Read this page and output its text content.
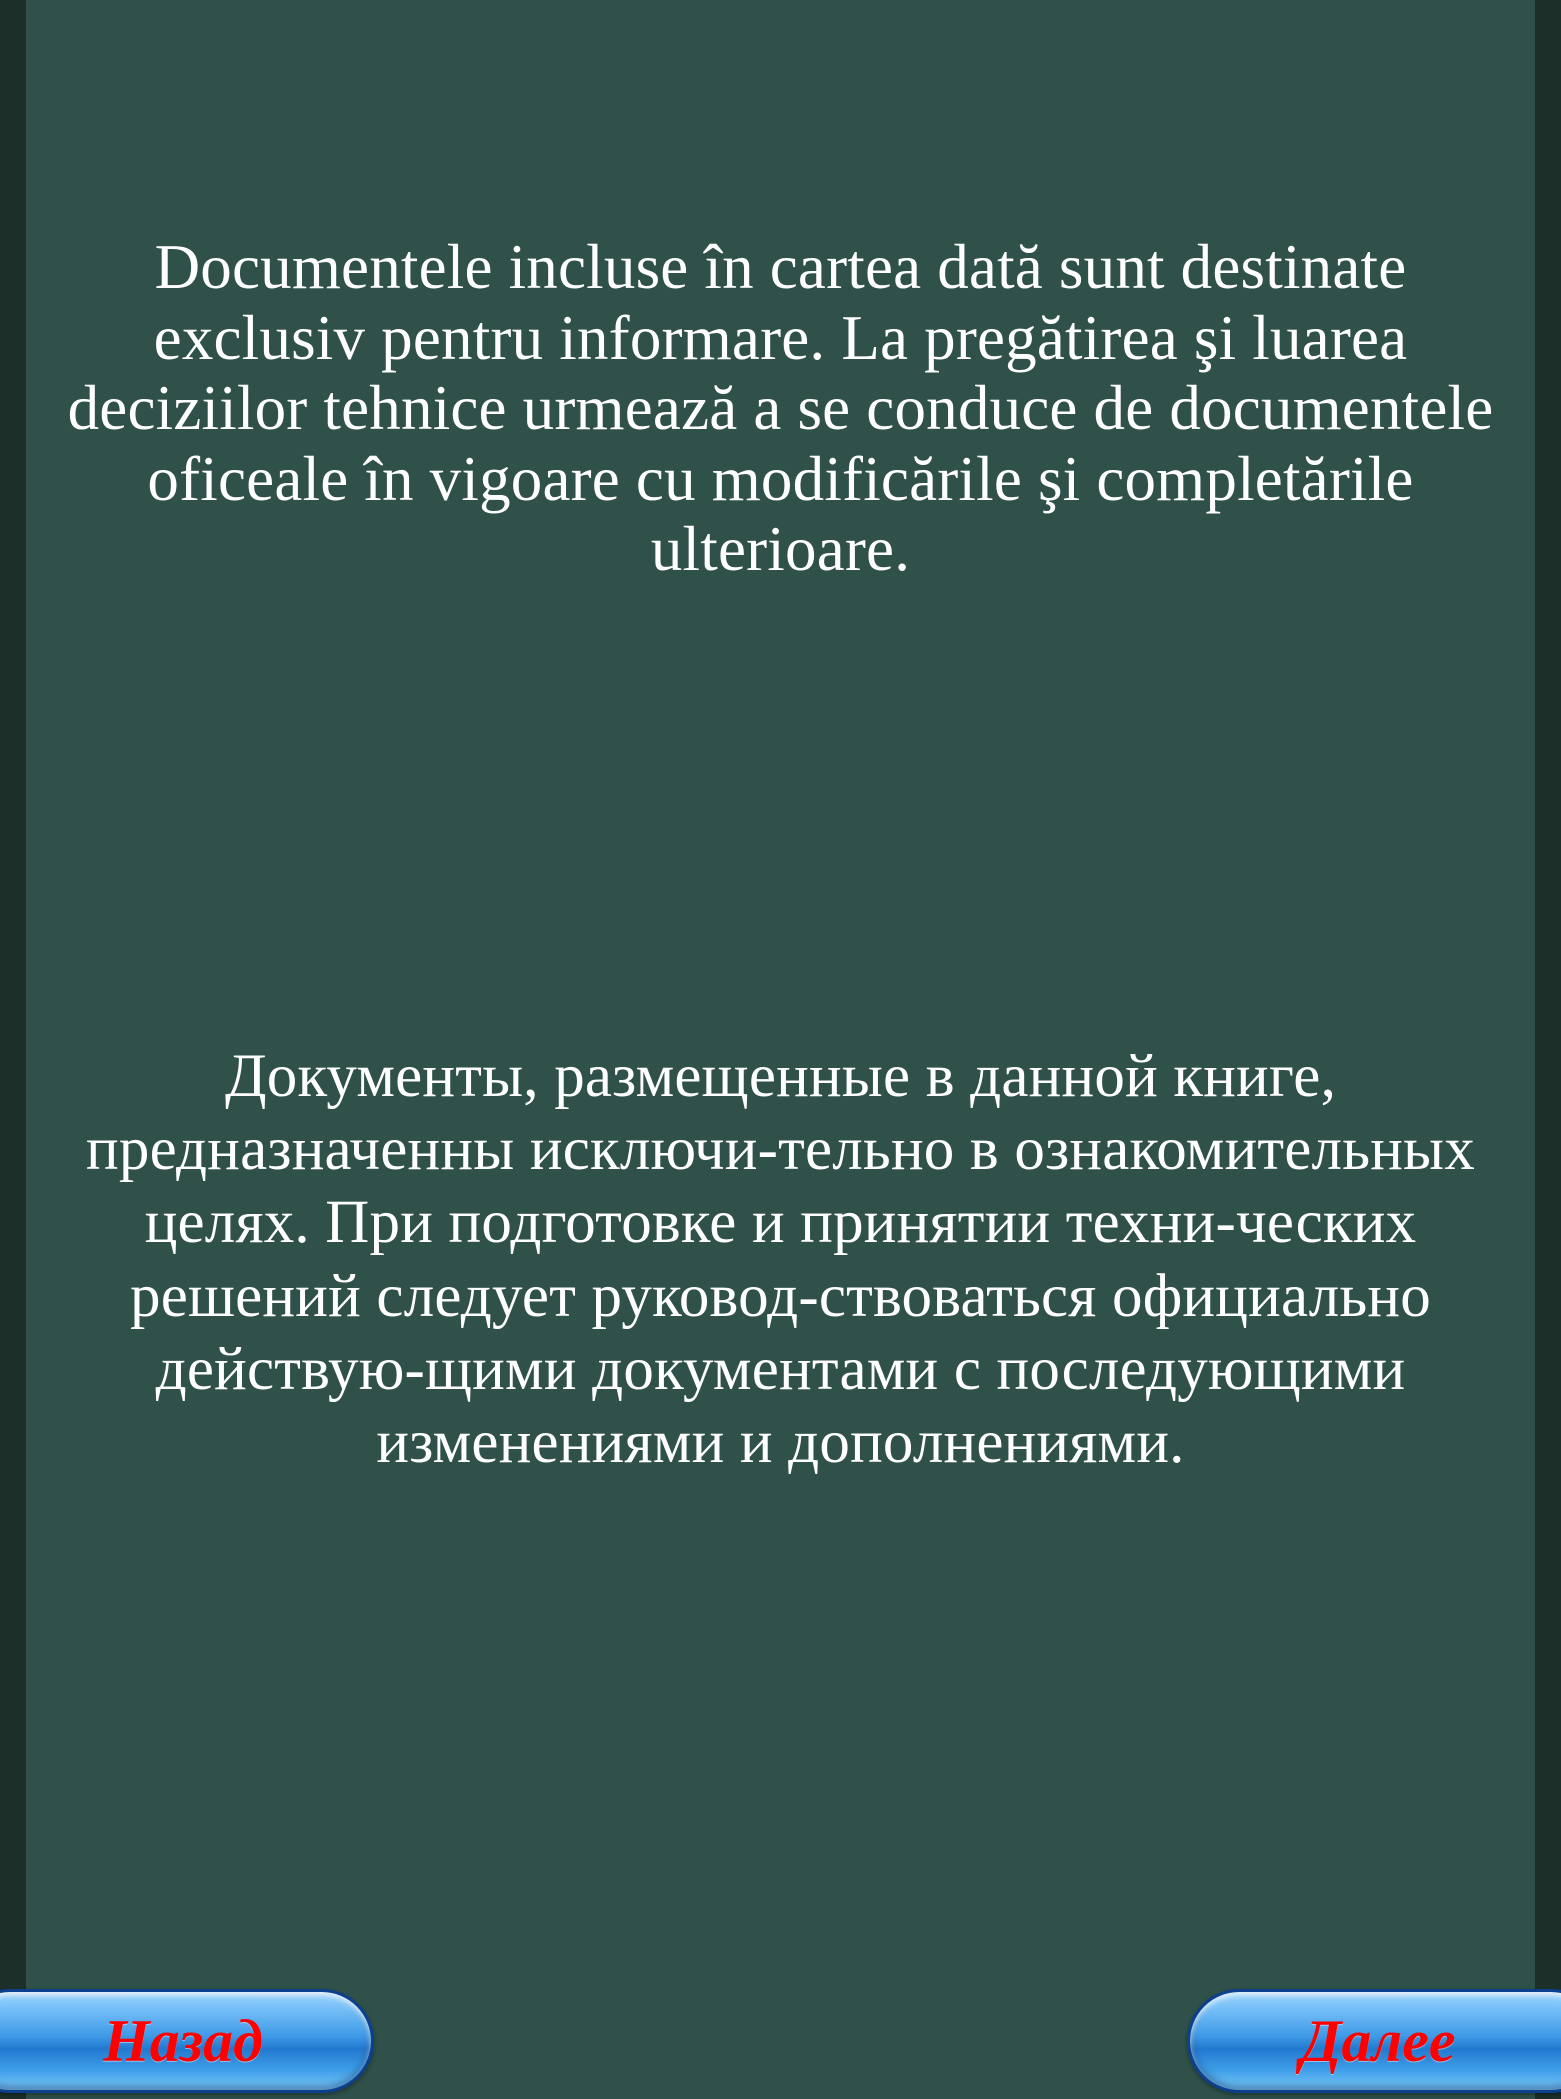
Documentele incluse în cartea dată sunt destinate exclusiv pentru informare. La pregătirea şi luarea deciziilor tehnice urmează a se conduce de documentele oficeale în vigoare cu modificările şi completările ulterioare.
Документы, размещенные в данной книге, предназначенны исключи-тельно в ознакомительных целях. При подготовке и принятии техни-ческих решений следует руковод-ствоваться официально действую-щими документами с последующими изменениями и дополнениями.
Назад	Далее
